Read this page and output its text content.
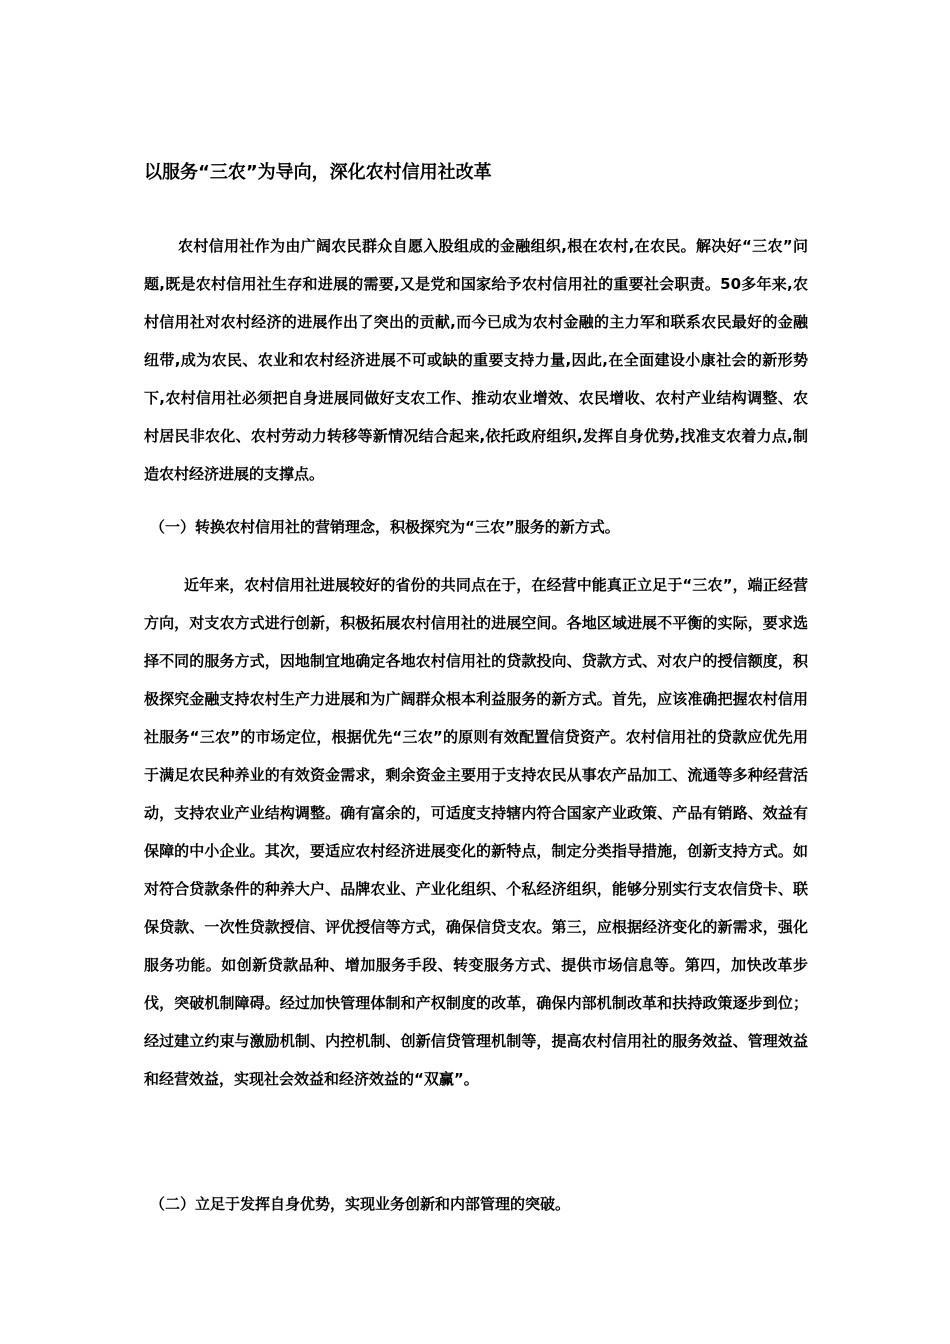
以服务“三农”为导向，深化农村信用社改革

农村信用社作为由广阔农民群众自愿入股组成的金融组织,根在农村,在农民。解决好“三农”问题,既是农村信用社生存和进展的需要,又是党和国家给予农村信用社的重要社会职责。50多年来,农村信用社对农村经济的进展作出了突出的贡献,而今已成为农村金融的主力军和联系农民最好的金融纽带,成为农民、农业和农村经济进展不可或缺的重要支持力量,因此,在全面建设小康社会的新形势下,农村信用社必须把自身进展同做好支农工作、推动农业增效、农民增收、农村产业结构调整、农村居民非农化、农村劳动力转移等新情况结合起来,依托政府组织,发挥自身优势,找准支农着力点,制造农村经济进展的支撑点。

（一）转换农村信用社的营销理念，积极探究为“三农”服务的新方式。

近年来，农村信用社进展较好的省份的共同点在于，在经营中能真正立足于“三农”，端正经营方向，对支农方式进行创新，积极拓展农村信用社的进展空间。各地区域进展不平衡的实际，要求选择不同的服务方式，因地制宜地确定各地农村信用社的贷款投向、贷款方式、对农户的授信额度，积极探究金融支持农村生产力进展和为广阔群众根本利益服务的新方式。首先，应该准确把握农村信用社服务“三农”的市场定位，根据优先“三农”的原则有效配置信贷资产。农村信用社的贷款应优先用于满足农民种养业的有效资金需求，剩余资金主要用于支持农民从事农产品加工、流通等多种经营活动，支持农业产业结构调整。确有富余的，可适度支持辖内符合国家产业政策、产品有销路、效益有保障的中小企业。其次，要适应农村经济进展变化的新特点，制定分类指导措施，创新支持方式。如对符合贷款条件的种养大户、品牌农业、产业化组织、个私经济组织，能够分别实行支农信贷卡、联保贷款、一次性贷款授信、评优授信等方式，确保信贷支农。第三，应根据经济变化的新需求，强化服务功能。如创新贷款品种、增加服务手段、转变服务方式、提供市场信息等。第四，加快改革步伐，突破机制障碍。经过加快管理体制和产权制度的改革，确保内部机制改革和扶持政策逐步到位；经过建立约束与激励机制、内控机制、创新信贷管理机制等，提高农村信用社的服务效益、管理效益和经营效益，实现社会效益和经济效益的“双赢”。

（二）立足于发挥自身优势，实现业务创新和内部管理的突破。
